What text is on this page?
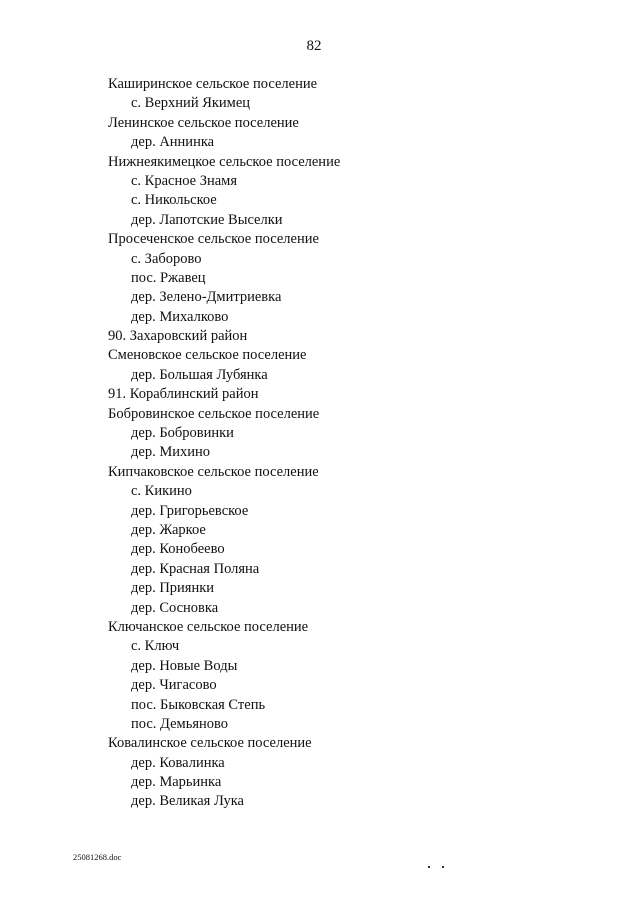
82
Каширинское сельское поселение
с. Верхний Якимец
Ленинское сельское поселение
дер. Аннинка
Нижнеякимецкое сельское поселение
с. Красное Знамя
с. Никольское
дер. Лапотские Выселки
Просеченское сельское поселение
с. Заборово
пос. Ржавец
дер. Зелено-Дмитриевка
дер. Михалково
90. Захаровский район
Сменовское сельское поселение
дер. Большая Лубянка
91. Кораблинский район
Бобровинское сельское поселение
дер. Бобровинки
дер. Михино
Кипчаковское сельское поселение
с. Кикино
дер. Григорьевское
дер. Жаркое
дер. Конобеево
дер. Красная Поляна
дер. Приянки
дер. Сосновка
Ключанское сельское поселение
с. Ключ
дер. Новые Воды
дер. Чигасово
пос. Быковская Степь
пос. Демьяново
Ковалинское сельское поселение
дер. Ковалинка
дер. Марьинка
дер. Великая Лука
25081268.doc
